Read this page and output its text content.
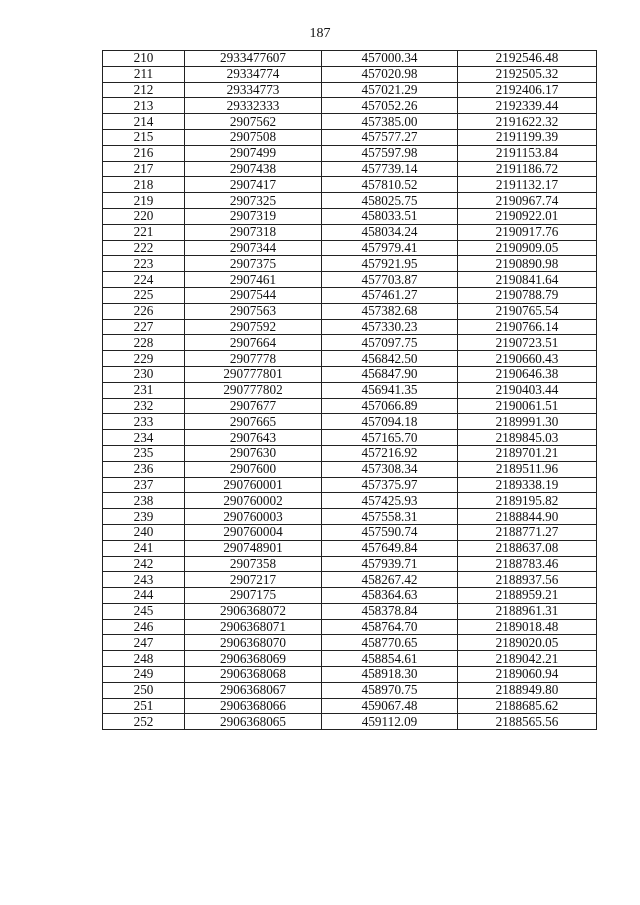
187
210	2933477607	457000.34	2192546.48
211	29334774	457020.98	2192505.32
212	29334773	457021.29	2192406.17
213	29332333	457052.26	2192339.44
214	2907562	457385.00	2191622.32
215	2907508	457577.27	2191199.39
216	2907499	457597.98	2191153.84
217	2907438	457739.14	2191186.72
218	2907417	457810.52	2191132.17
219	2907325	458025.75	2190967.74
220	2907319	458033.51	2190922.01
221	2907318	458034.24	2190917.76
222	2907344	457979.41	2190909.05
223	2907375	457921.95	2190890.98
224	2907461	457703.87	2190841.64
225	2907544	457461.27	2190788.79
226	2907563	457382.68	2190765.54
227	2907592	457330.23	2190766.14
228	2907664	457097.75	2190723.51
229	2907778	456842.50	2190660.43
230	290777801	456847.90	2190646.38
231	290777802	456941.35	2190403.44
232	2907677	457066.89	2190061.51
233	2907665	457094.18	2189991.30
234	2907643	457165.70	2189845.03
235	2907630	457216.92	2189701.21
236	2907600	457308.34	2189511.96
237	290760001	457375.97	2189338.19
238	290760002	457425.93	2189195.82
239	290760003	457558.31	2188844.90
240	290760004	457590.74	2188771.27
241	290748901	457649.84	2188637.08
242	2907358	457939.71	2188783.46
243	2907217	458267.42	2188937.56
244	2907175	458364.63	2188959.21
245	2906368072	458378.84	2188961.31
246	2906368071	458764.70	2189018.48
247	2906368070	458770.65	2189020.05
248	2906368069	458854.61	2189042.21
249	2906368068	458918.30	2189060.94
250	2906368067	458970.75	2188949.80
251	2906368066	459067.48	2188685.62
252	2906368065	459112.09	2188565.56
